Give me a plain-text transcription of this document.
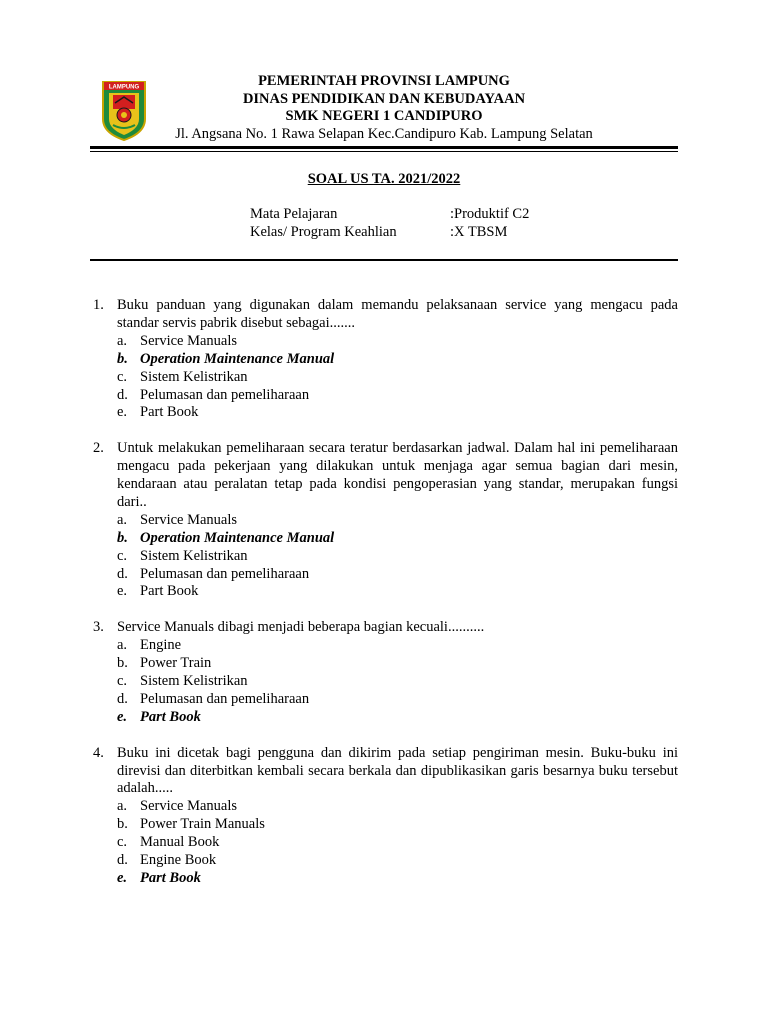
LAMPUNG	PEMERINTAH PROVINSI LAMPUNG
DINAS PENDIDIKAN DAN KEBUDAYAAN
SMK NEGERI 1 CANDIPURO
Jl. Angsana No. 1 Rawa Selapan Kec.Candipuro Kab. Lampung Selatan
SOAL US TA. 2021/2022
Mata Pelajaran	:Produktif C2
Kelas/ Program Keahlian	:X TBSM
1. Buku panduan yang digunakan dalam memandu pelaksanaan service yang mengacu pada standar servis pabrik disebut sebagai.......
a. Service Manuals
b. Operation Maintenance Manual
c. Sistem Kelistrikan
d. Pelumasan dan pemeliharaan
e. Part Book
2. Untuk melakukan pemeliharaan secara teratur berdasarkan jadwal. Dalam hal ini pemeliharaan mengacu pada pekerjaan yang dilakukan untuk menjaga agar semua bagian dari mesin, kendaraan atau peralatan tetap pada kondisi pengoperasian yang standar, merupakan fungsi dari..
a. Service Manuals
b. Operation Maintenance Manual
c. Sistem Kelistrikan
d. Pelumasan dan pemeliharaan
e. Part Book
3. Service Manuals dibagi menjadi beberapa bagian kecuali..........
a. Engine
b. Power Train
c. Sistem Kelistrikan
d. Pelumasan dan pemeliharaan
e. Part Book
4. Buku ini dicetak bagi pengguna dan dikirim pada setiap pengiriman mesin. Buku-buku ini direvisi dan diterbitkan kembali secara berkala dan dipublikasikan garis besarnya buku tersebut adalah.....
a. Service Manuals
b. Power Train Manuals
c. Manual Book
d. Engine Book
e. Part Book
